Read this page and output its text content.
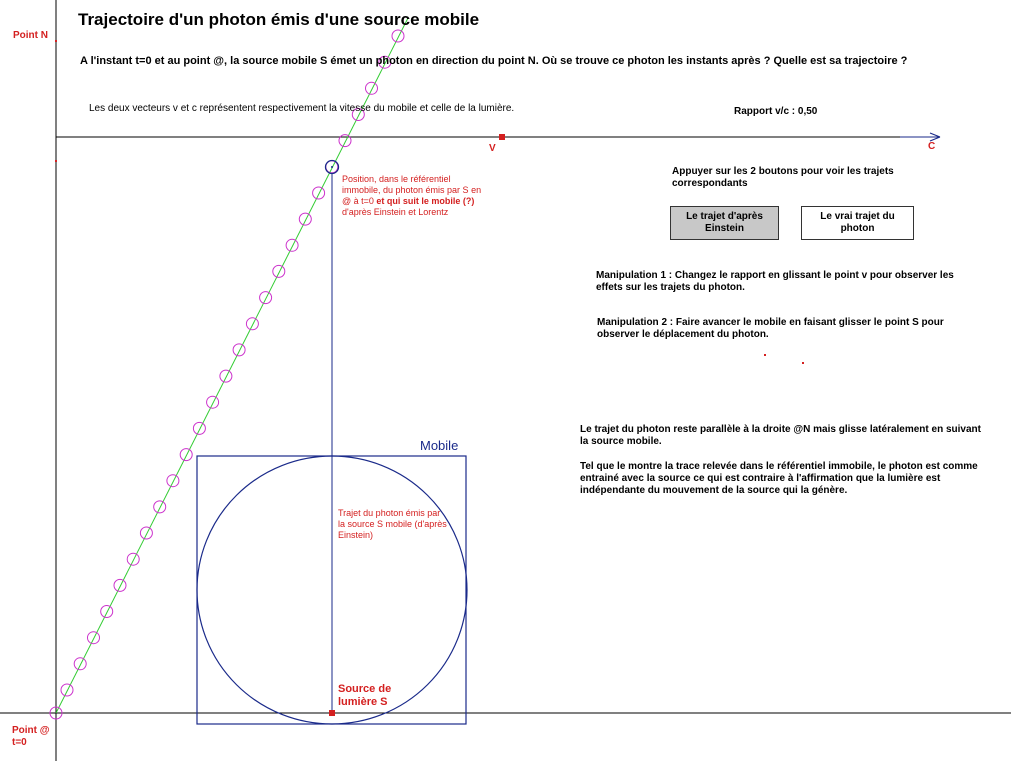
Trajectoire d'un photon émis d'une source mobile
A l'instant t=0 et au point @, la source mobile S émet un photon en direction du point N. Où se trouve ce photon les instants après ? Quelle est sa trajectoire ?
Les deux vecteurs v et c représentent respectivement la vitesse du mobile et celle de la lumière.	Rapport v/c : 0,50
Point N
Point @
t=0
V	C
Position, dans le référentiel immobile, du photon émis par S en @ à t=0 et qui suit le mobile (?) d'après Einstein et Lorentz
Trajet du photon émis par la source S mobile (d'après Einstein)
Source de
lumière S
Mobile
Appuyer sur les 2 boutons pour voir les trajets correspondants
Le trajet d'après Einstein
Le vrai trajet du photon
Manipulation 1 : Changez le rapport en glissant le point v pour observer les effets sur les trajets du photon.
Manipulation 2 : Faire avancer le mobile en faisant glisser le point S pour observer le déplacement du photon.
Le trajet du photon reste parallèle à la droite @N mais glisse latéralement en suivant la source mobile.
Tel que le montre la trace relevée dans le référentiel immobile, le photon est comme entrainé avec la source ce qui est contraire à l'affirmation que la lumière est indépendante du mouvement de la source qui la génère.
